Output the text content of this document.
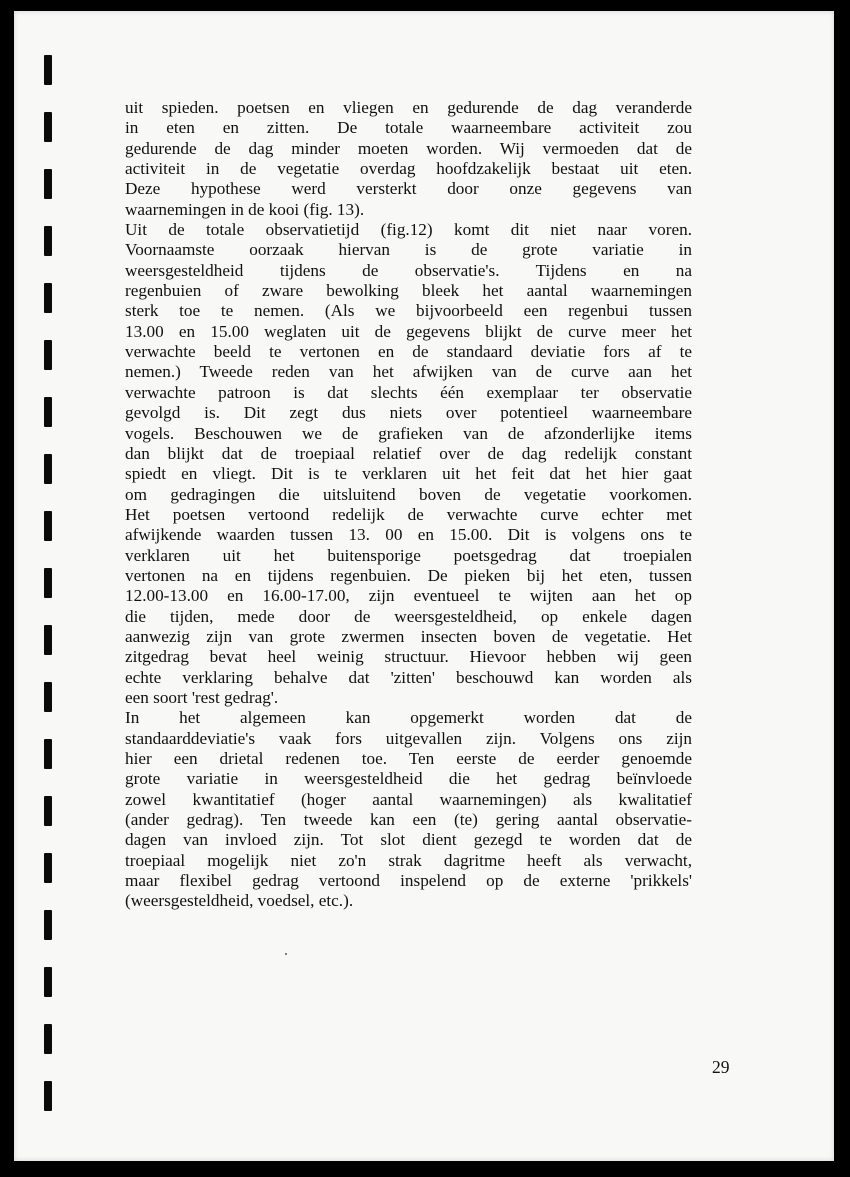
uit spieden. poetsen en vliegen en gedurende de dag veranderde
in eten en zitten. De totale waarneembare activiteit zou
gedurende de dag minder moeten worden. Wij vermoeden dat de
activiteit in de vegetatie overdag hoofdzakelijk bestaat uit eten.
Deze hypothese werd versterkt door onze gegevens van
waarnemingen in de kooi (fig. 13).
Uit de totale observatietijd (fig.12) komt dit niet naar voren.
Voornaamste oorzaak hiervan is de grote variatie in
weersgesteldheid tijdens de observatie's. Tijdens en na
regenbuien of zware bewolking bleek het aantal waarnemingen
sterk toe te nemen. (Als we bijvoorbeeld een regenbui tussen
13.00 en 15.00 weglaten uit de gegevens blijkt de curve meer het
verwachte beeld te vertonen en de standaard deviatie fors af te
nemen.) Tweede reden van het afwijken van de curve aan het
verwachte patroon is dat slechts één exemplaar ter observatie
gevolgd is. Dit zegt dus niets over potentieel waarneembare
vogels. Beschouwen we de grafieken van de afzonderlijke items
dan blijkt dat de troepiaal relatief over de dag redelijk constant
spiedt en vliegt. Dit is te verklaren uit het feit dat het hier gaat
om gedragingen die uitsluitend boven de vegetatie voorkomen.
Het poetsen vertoond redelijk de verwachte curve echter met
afwijkende waarden tussen 13. 00 en 15.00. Dit is volgens ons te
verklaren uit het buitensporige poetsgedrag dat troepialen
vertonen na en tijdens regenbuien. De pieken bij het eten, tussen
12.00-13.00 en 16.00-17.00, zijn eventueel te wijten aan het op
die tijden, mede door de weersgesteldheid, op enkele dagen
aanwezig zijn van grote zwermen insecten boven de vegetatie. Het
zitgedrag bevat heel weinig structuur. Hievoor hebben wij geen
echte verklaring behalve dat 'zitten' beschouwd kan worden als
een soort 'rest gedrag'.
In het algemeen kan opgemerkt worden dat de
standaarddeviatie's vaak fors uitgevallen zijn. Volgens ons zijn
hier een drietal redenen toe. Ten eerste de eerder genoemde
grote variatie in weersgesteldheid die het gedrag beïnvloede
zowel kwantitatief (hoger aantal waarnemingen) als kwalitatief
(ander gedrag). Ten tweede kan een (te) gering aantal observatie-
dagen van invloed zijn. Tot slot dient gezegd te worden dat de
troepiaal mogelijk niet zo'n strak dagritme heeft als verwacht,
maar flexibel gedrag vertoond inspelend op de externe 'prikkels'
(weersgesteldheid, voedsel, etc.).
29
